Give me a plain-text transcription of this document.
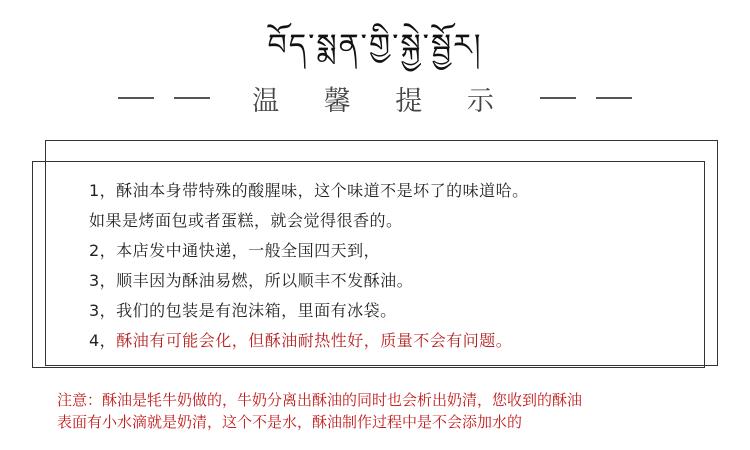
བོད་སྨན་གྱི་སྐྱེ་སྦྱོར།
温 馨 提 示
1，酥油本身带特殊的酸腥味，这个味道不是坏了的味道哈。
如果是烤面包或者蛋糕，就会觉得很香的。
2，本店发中通快递，一般全国四天到，
3，顺丰因为酥油易燃，所以顺丰不发酥油。
3，我们的包装是有泡沫箱，里面有冰袋。
4，酥油有可能会化，但酥油耐热性好，质量不会有问题。
注意：酥油是牦牛奶做的，牛奶分离出酥油的同时也会析出奶清，您收到的酥油
表面有小水滴就是奶清，这个不是水，酥油制作过程中是不会添加水的
